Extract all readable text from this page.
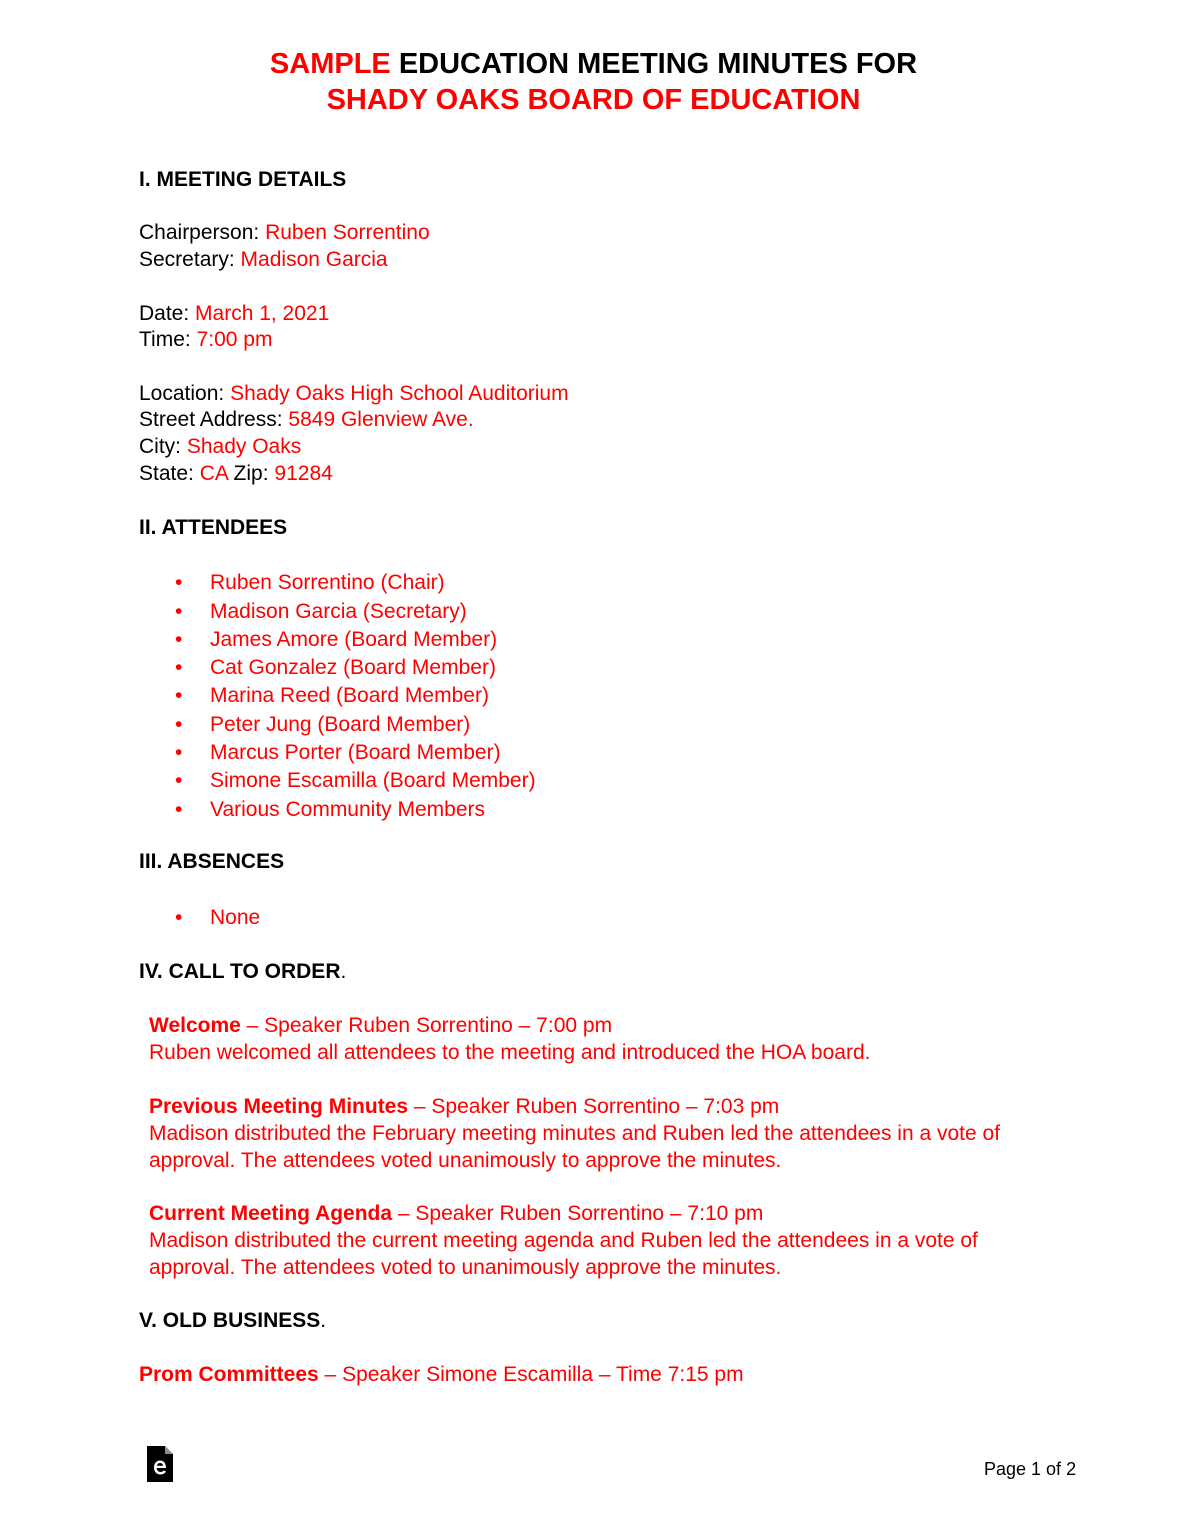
SAMPLE EDUCATION MEETING MINUTES FOR
SHADY OAKS BOARD OF EDUCATION
I. MEETING DETAILS
Chairperson: Ruben Sorrentino
Secretary: Madison Garcia
Date: March 1, 2021
Time: 7:00 pm
Location: Shady Oaks High School Auditorium
Street Address: 5849 Glenview Ave.
City: Shady Oaks
State: CA Zip: 91284
II. ATTENDEES
• Ruben Sorrentino (Chair)
• Madison Garcia (Secretary)
• James Amore (Board Member)
• Cat Gonzalez (Board Member)
• Marina Reed (Board Member)
• Peter Jung (Board Member)
• Marcus Porter (Board Member)
• Simone Escamilla (Board Member)
• Various Community Members
III. ABSENCES
• None
IV. CALL TO ORDER.
Welcome – Speaker Ruben Sorrentino – 7:00 pm
Ruben welcomed all attendees to the meeting and introduced the HOA board.
Previous Meeting Minutes – Speaker Ruben Sorrentino – 7:03 pm
Madison distributed the February meeting minutes and Ruben led the attendees in a vote of approval. The attendees voted unanimously to approve the minutes.
Current Meeting Agenda – Speaker Ruben Sorrentino – 7:10 pm
Madison distributed the current meeting agenda and Ruben led the attendees in a vote of approval. The attendees voted to unanimously approve the minutes.
V. OLD BUSINESS.
Prom Committees – Speaker Simone Escamilla – Time 7:15 pm
Page 1 of 2
